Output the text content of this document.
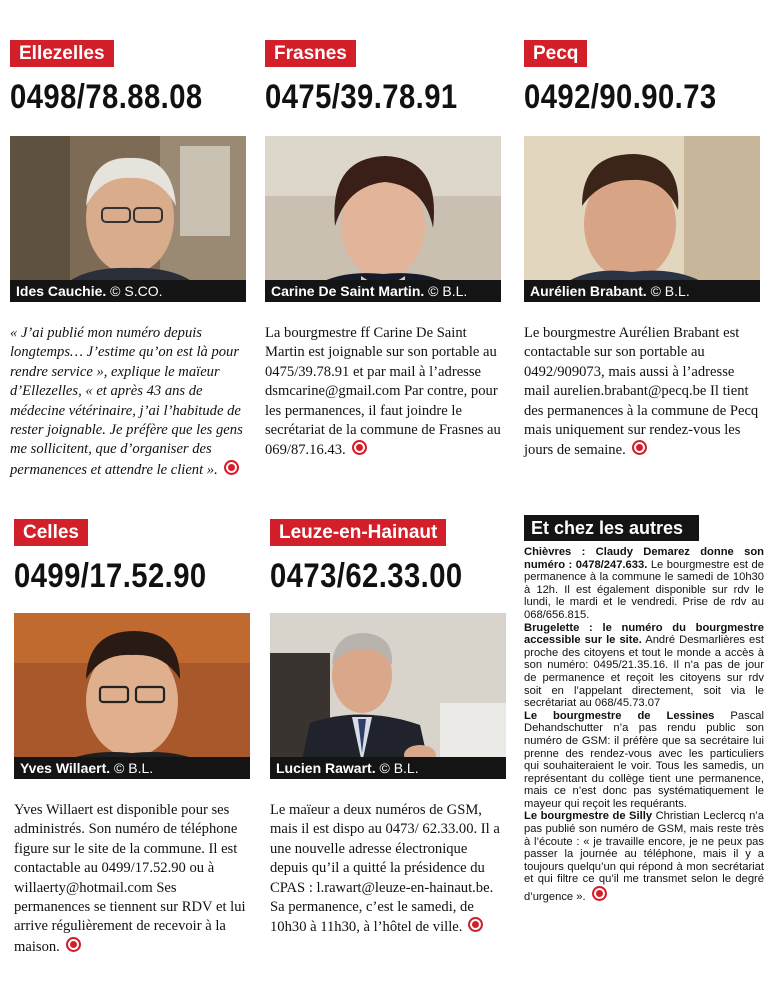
Ellezelles
0498/78.88.08
Ides Cauchie. © S.CO.

« J’ai publié mon numéro depuis longtemps… J’estime qu’on est là pour rendre service », explique le maïeur d’Ellezelles, « et après 43 ans de médecine vétérinaire, j’ai l’habitude de rester joignable. Je préfère que les gens me sollicitent, que d’organiser des permanences et attendre le client ».

Frasnes
0475/39.78.91
Carine De Saint Martin. © B.L.

La bourgmestre ff Carine De Saint Martin est joignable sur son portable au 0475/39.78.91 et par mail à l’adresse dsmcarine@gmail.com Par contre, pour les permanences, il faut joindre le secrétariat de la commune de Frasnes au 069/87.16.43.

Pecq
0492/90.90.73
Aurélien Brabant. © B.L.

Le bourgmestre Aurélien Brabant est contactable sur son portable au 0492/909073, mais aussi à l’adresse mail aurelien.brabant@pecq.be Il tient des permanences à la commune de Pecq mais uniquement sur rendez-vous les jours de semaine.

Celles
0499/17.52.90
Yves Willaert. © B.L.

Yves Willaert est disponible pour ses administrés. Son numéro de téléphone figure sur le site de la commune. Il est contactable au 0499/17.52.90 ou à willaerty@hotmail.com Ses permanences se tiennent sur RDV et lui arrive régulièrement de recevoir à la maison.

Leuze-en-Hainaut
0473/62.33.00
Lucien Rawart. © B.L.

Le maïeur a deux numéros de GSM, mais il est dispo au 0473/ 62.33.00. Il a une nouvelle adresse électronique depuis qu’il a quitté la présidence du CPAS : l.rawart@leuze-en-hainaut.be. Sa permanence, c’est le samedi, de 10h30 à 11h30, à l’hôtel de ville.

Et chez les autres

Chièvres : Claudy Demarez donne son numéro : 0478/247.633. Le bourgmestre est de permanence à la commune le samedi de 10h30 à 12h. Il est également disponible sur rdv le lundi, le mardi et le vendredi. Prise de rdv au 068/656.815.

Brugelette : le numéro du bourgmestre accessible sur le site. André Desmarlières est proche des citoyens et tout le monde a accès à son numéro: 0495/21.35.16. Il n’a pas de jour de permanence et reçoit les citoyens sur rdv soit en l’appelant directement, soit via le secrétariat au 068/45.73.07

Le bourgmestre de Lessines Pascal Dehandschutter n’a pas rendu public son numéro de GSM: il préfère que sa secrétaire lui prenne des rendez-vous avec les particuliers qui souhaiteraient le voir. Tous les samedis, un représentant du collège tient une permanence, mais ce n’est donc pas systématiquement le mayeur qui reçoit les requérants.

Le bourgmestre de Silly Christian Leclercq n’a pas publié son numéro de GSM, mais reste très à l’écoute : « je travaille encore, je ne peux pas passer la journée au téléphone, mais il y a toujours quelqu’un qui répond à mon secrétariat et qui filtre ce qu’il me transmet selon le degré d’urgence ».
